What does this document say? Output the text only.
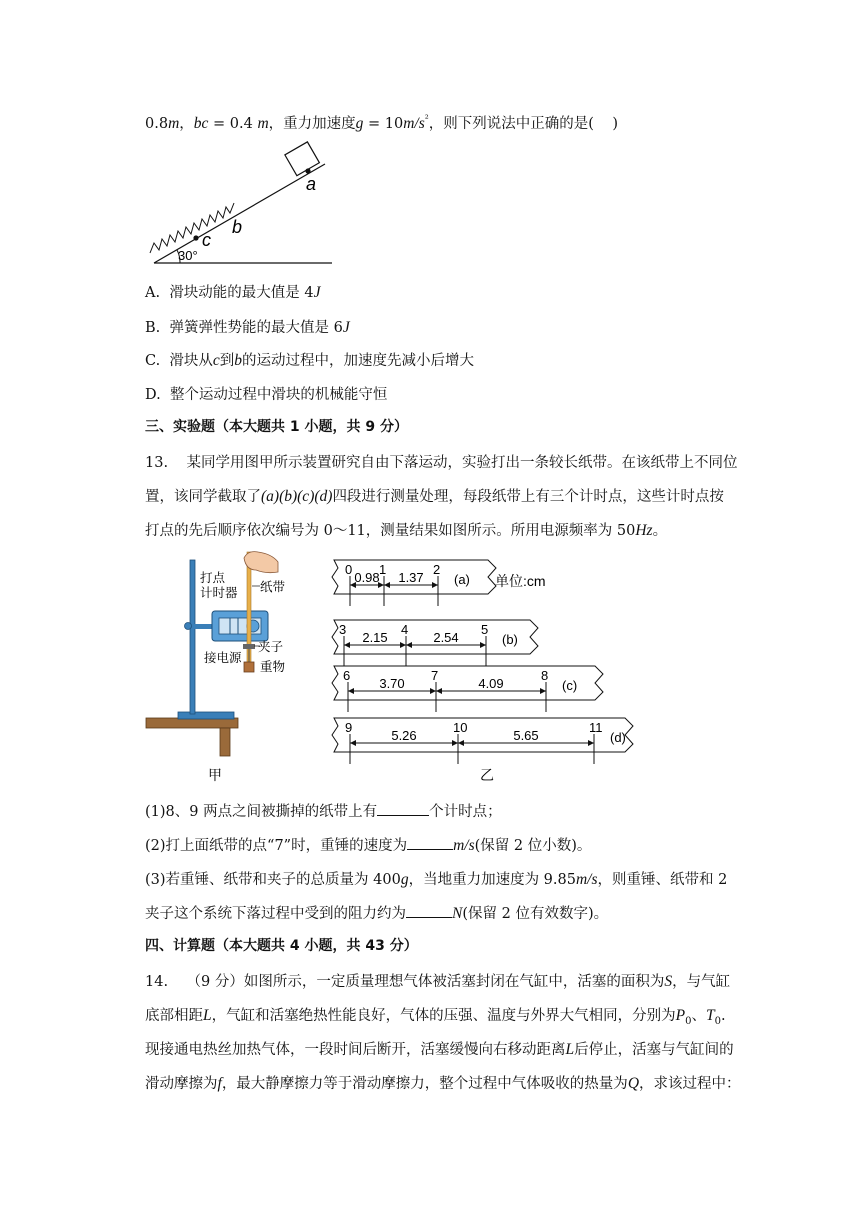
0.8m，bc = 0.4 m，重力加速度$g = 10m/s^{^2}$，则下列说法中正确的是( )
a
b
c
30°
A. 滑块动能的最大值是 4J
B. 弹簧弹性势能的最大值是 6J
C. 滑块从c到b的运动过程中，加速度先减小后增大
D. 整个运动过程中滑块的机械能守恒
三、实验题（本大题共 1 小题，共 9 分）
13.    某同学用图甲所示装置研究自由下落运动，实验打出一条较长纸带。在该纸带上不同位
置，该同学截取了(a)(b)(c)(d)四段进行测量处理，每段纸带上有三个计时点，这些计时点按
打点的先后顺序依次编号为 0～11，测量结果如图所示。所用电源频率为 50Hz。
打点
计时器 纸带
夹子
接电源
重物
甲
单位:cm
乙
0 1	2
0.98 1.37 (a)
3	4	5
2.15	2.54	(b)
6	7	8
3.70	4.09	(c)
9	10	11
5.26	5.65	(d)
(1)8、9 两点之间被撕掉的纸带上有	个计时点；
(2)打上面纸带的点“7”时，重锤的速度为	m/s(保留 2 位小数)。
(3)若重锤、纸带和夹子的总质量为 400g，当地重力加速度为 9.85m/s，则重锤、纸带和 2
夹子这个系统下落过程中受到的阻力约为	N(保留 2 位有效数字)。
四、计算题（本大题共 4 小题，共 43 分）
14.    （9 分）如图所示，一定质量理想气体被活塞封闭在气缸中，活塞的面积为S，与气缸
底部相距L，气缸和活塞绝热性能良好，气体的压强、温度与外界大气相同，分别为$P_0$、$T_0$.
现接通电热丝加热气体，一段时间后断开，活塞缓慢向右移动距离L后停止，活塞与气缸间的
滑动摩擦为f，最大静摩擦力等于滑动摩擦力，整个过程中气体吸收的热量为Q，求该过程中：
